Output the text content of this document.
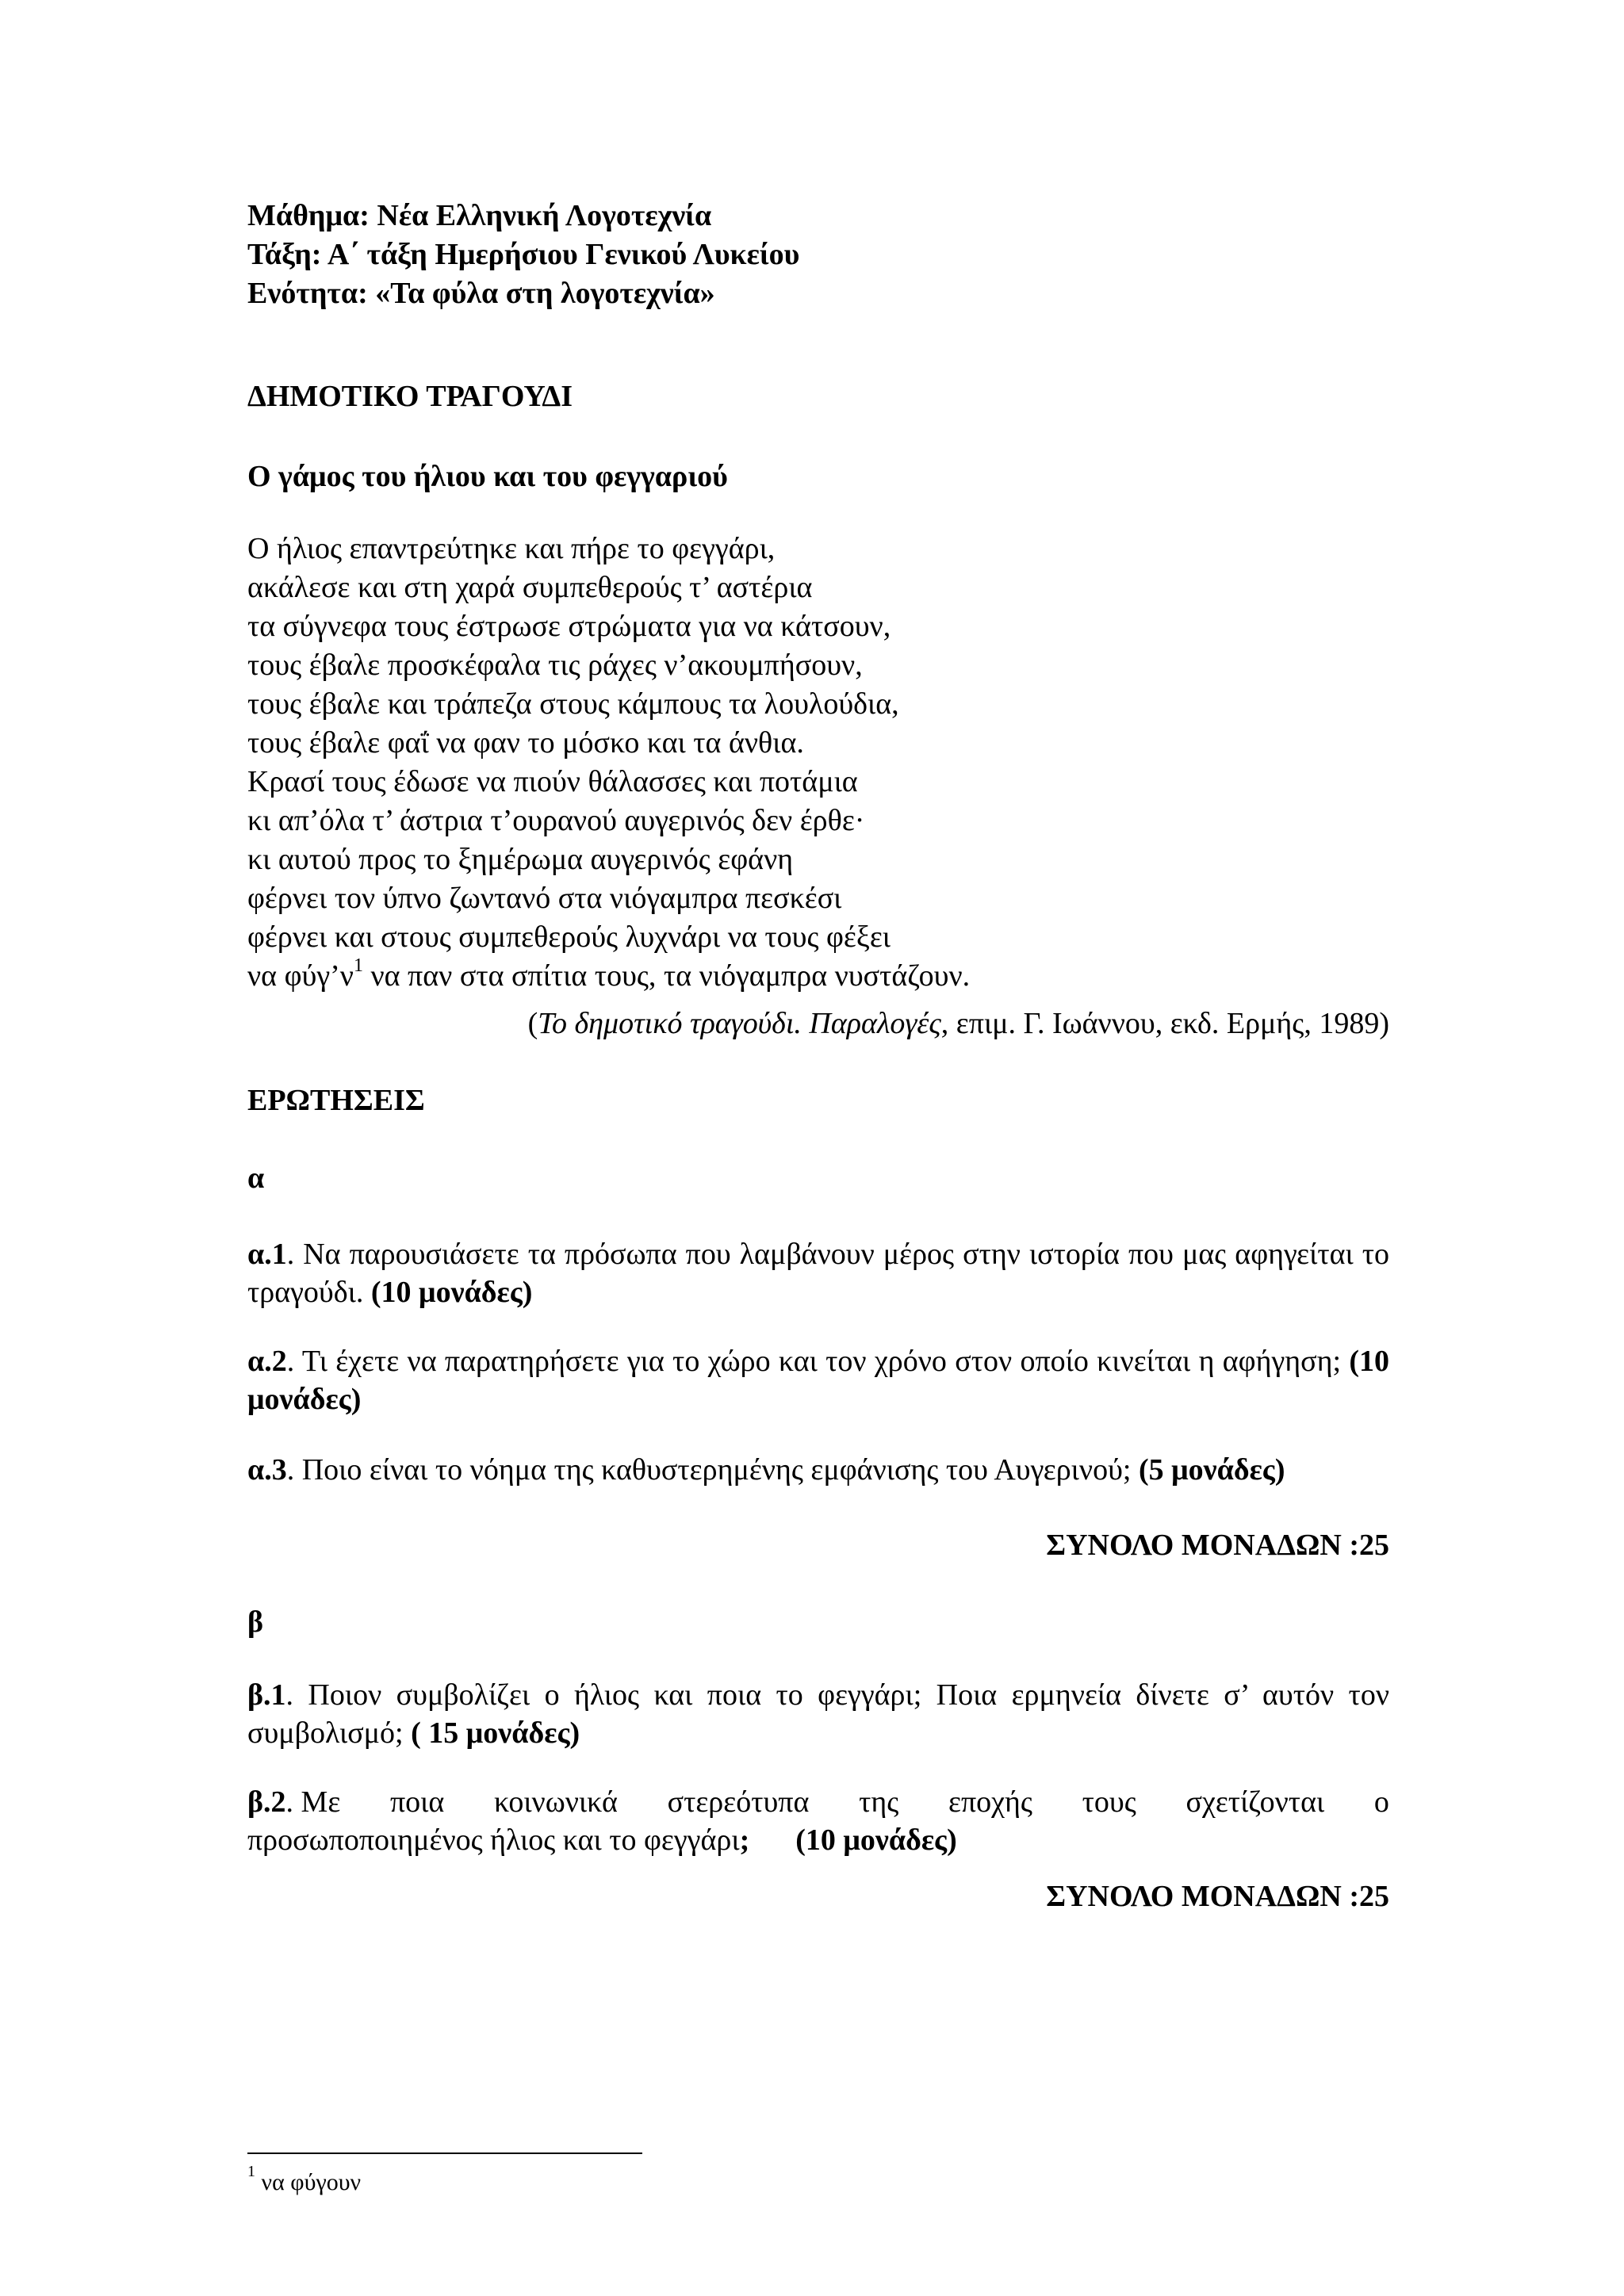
Μάθημα: Νέα Ελληνική Λογοτεχνία
Τάξη: Α΄ τάξη Ημερήσιου Γενικού Λυκείου
Ενότητα: «Τα φύλα στη λογοτεχνία»
ΔΗΜΟΤΙΚΟ ΤΡΑΓΟΥΔΙ
Ο γάμος του ήλιου και του φεγγαριού
Ο ήλιος επαντρεύτηκε και πήρε το φεγγάρι,
ακάλεσε και στη χαρά συμπεθερούς τ’ αστέρια
τα σύγνεφα τους έστρωσε στρώματα για να κάτσουν,
τους έβαλε προσκέφαλα τις ράχες ν’ακουμπήσουν,
τους έβαλε και τράπεζα στους κάμπους τα λουλούδια,
τους έβαλε φαΐ να φαν το μόσκο και τα άνθια.
Κρασί τους έδωσε να πιούν θάλασσες και ποτάμια
κι απ’όλα τ’ άστρια τ’ουρανού αυγερινός δεν έρθε·
κι αυτού προς το ξημέρωμα αυγερινός εφάνη
φέρνει τον ύπνο ζωντανό στα νιόγαμπρα πεσκέσι
φέρνει και στους συμπεθερούς λυχνάρι να τους φέξει
να $\varphi ύ\gamma’\nu^1$ να παν στα σπίτια τους, τα νιόγαμπρα νυστάζουν.
(Το δημοτικό τραγούδι. Παραλογές, επιμ. Γ. Ιωάννου, εκδ. Ερμής, 1989)
ΕΡΩΤΗΣΕΙΣ
α
α.1. Να παρουσιάσετε τα πρόσωπα που λαμβάνουν μέρος στην ιστορία που μας αφηγείται το τραγούδι. (10 μονάδες)
α.2. Τι έχετε να παρατηρήσετε για το χώρο και τον χρόνο στον οποίο κινείται η αφήγηση; (10 μονάδες)
α.3. Ποιο είναι το νόημα της καθυστερημένης εμφάνισης του Αυγερινού; (5 μονάδες)
ΣΥΝΟΛΟ ΜΟΝΑΔΩΝ :25
β
β.1. Ποιον συμβολίζει ο ήλιος και ποια το φεγγάρι; Ποια ερμηνεία δίνετε σ’ αυτόν τον συμβολισμό; ( 15 μονάδες)
β.2. Με ποια κοινωνικά στερεότυπα της εποχής τους σχετίζονται ο
προσωποποιημένος ήλιος και το φεγγάρι; (10 μονάδες)
ΣΥΝΟΛΟ ΜΟΝΑΔΩΝ :25
$^1$ να φύγουν
